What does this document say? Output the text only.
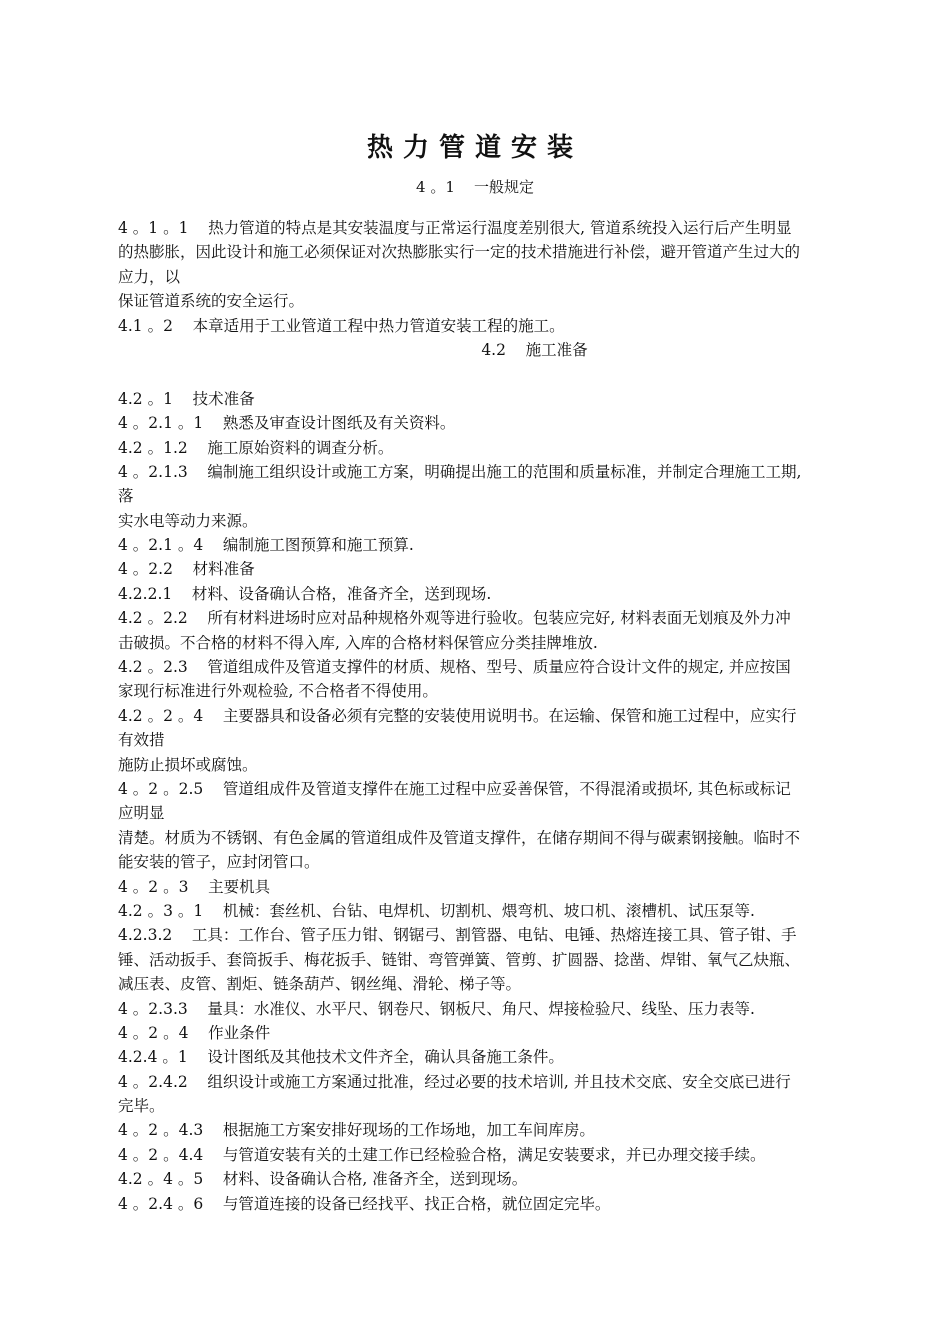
热力管道安装
4 。1    一般规定
4 。1 。1    热力管道的特点是其安装温度与正常运行温度差别很大, 管道系统投入运行后产生明显
的热膨胀，因此设计和施工必须保证对次热膨胀实行一定的技术措施进行补偿，避开管道产生过大的
应力，以
保证管道系统的安全运行。
4.1 。2    本章适用于工业管道工程中热力管道安装工程的施工。
4.2    施工准备
4.2 。1    技术准备
4 。2.1 。1    熟悉及审查设计图纸及有关资料。
4.2 。1.2    施工原始资料的调查分析。
4 。2.1.3    编制施工组织设计或施工方案，明确提出施工的范围和质量标准，并制定合理施工工期,
落
实水电等动力来源。
4 。2.1 。4    编制施工图预算和施工预算.
4 。2.2    材料准备
4.2.2.1    材料、设备确认合格，准备齐全，送到现场.
4.2 。2.2    所有材料进场时应对品种规格外观等进行验收。包装应完好, 材料表面无划痕及外力冲
击破损。不合格的材料不得入库, 入库的合格材料保管应分类挂牌堆放.
4.2 。2.3    管道组成件及管道支撑件的材质、规格、型号、质量应符合设计文件的规定, 并应按国
家现行标准进行外观检验, 不合格者不得使用。
4.2 。2 。4    主要器具和设备必须有完整的安装使用说明书。在运输、保管和施工过程中，应实行
有效措
施防止损坏或腐蚀。
4 。2 。2.5    管道组成件及管道支撑件在施工过程中应妥善保管，不得混淆或损坏, 其色标或标记
应明显
清楚。材质为不锈钢、有色金属的管道组成件及管道支撑件，在储存期间不得与碳素钢接触。临时不
能安装的管子，应封闭管口。
4 。2 。3    主要机具
4.2 。3 。1    机械：套丝机、台钻、电焊机、切割机、煨弯机、坡口机、滚槽机、试压泵等.
4.2.3.2    工具：工作台、管子压力钳、钢锯弓、割管器、电钻、电锤、热熔连接工具、管子钳、手
锤、活动扳手、套筒扳手、梅花扳手、链钳、弯管弹簧、管剪、扩圆器、捻凿、焊钳、氧气乙炔瓶、
减压表、皮管、割炬、链条葫芦、钢丝绳、滑轮、梯子等。
4 。2.3.3    量具：水准仪、水平尺、钢卷尺、钢板尺、角尺、焊接检验尺、线坠、压力表等.
4 。2 。4    作业条件
4.2.4 。1    设计图纸及其他技术文件齐全，确认具备施工条件。
4 。2.4.2    组织设计或施工方案通过批准，经过必要的技术培训, 并且技术交底、安全交底已进行
完毕。
4 。2 。4.3    根据施工方案安排好现场的工作场地，加工车间库房。
4 。2 。4.4    与管道安装有关的土建工作已经检验合格，满足安装要求，并已办理交接手续。
4.2 。4 。5    材料、设备确认合格, 准备齐全，送到现场。
4 。2.4 。6    与管道连接的设备已经找平、找正合格，就位固定完毕。
